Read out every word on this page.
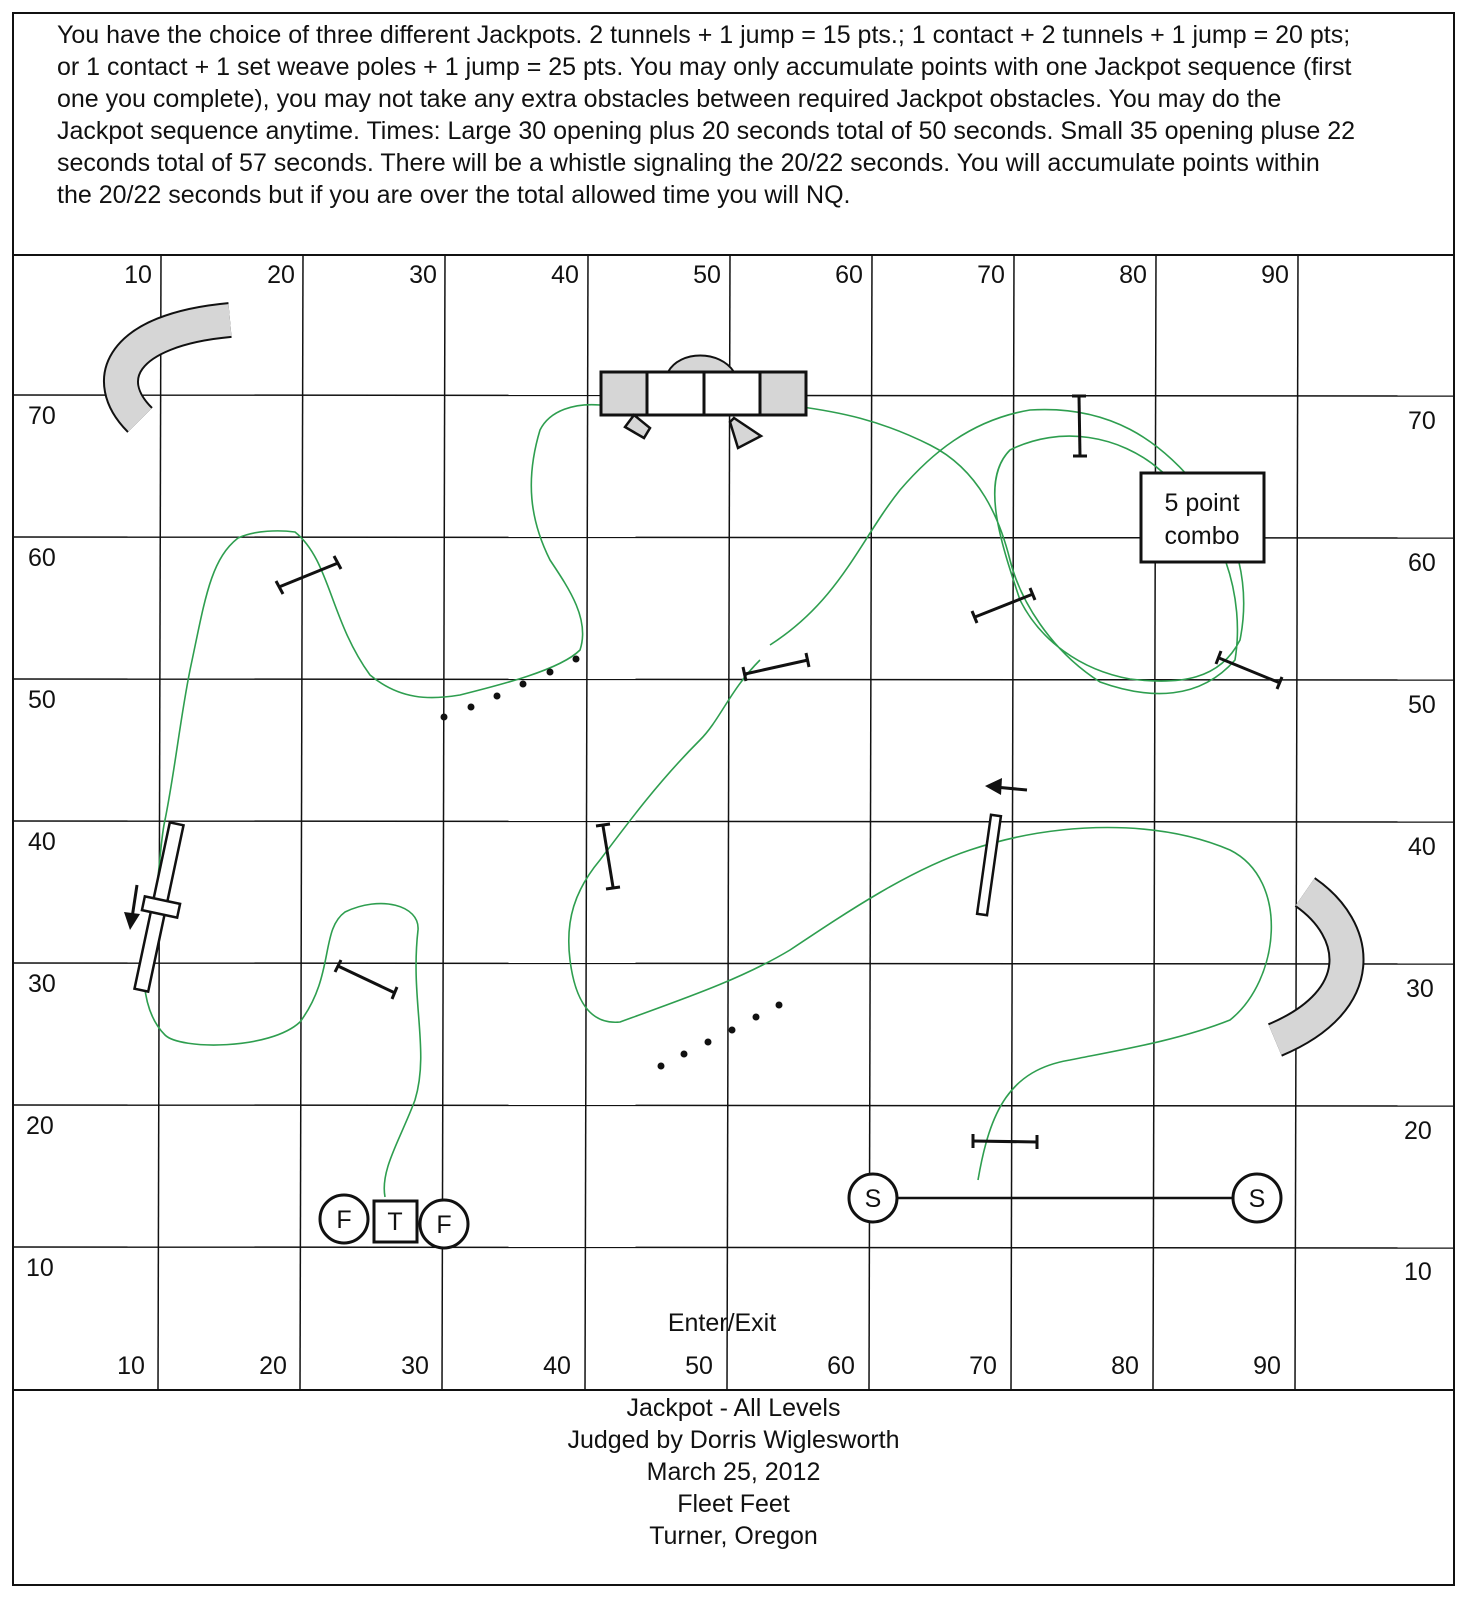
You have the choice of three different Jackpots. 2 tunnels + 1 jump = 15 pts.; 1 contact + 2 tunnels + 1 jump = 20 pts; or 1 contact + 1 set weave poles + 1 jump = 25 pts. You may only accumulate points with one Jackpot sequence (first one you complete), you may not take any extra obstacles between required Jackpot obstacles. You may do the Jackpot sequence anytime. Times: Large 30 opening plus 20 seconds total of 50 seconds. Small 35 opening pluse 22 seconds total of 57 seconds. There will be a whistle signaling the 20/22 seconds. You will accumulate points within the 20/22 seconds but if you are over the total allowed time you will NQ.

10	20	30	40	50	60	70	80	90
10	20	30	40	50	60	70	80	90
70
60
50
40
30
20
10
70
60
50
40
30
20
10
5 point
combo
S	S
F T F
Enter/Exit
Jackpot - All Levels
Judged by Dorris Wiglesworth
March 25, 2012
Fleet Feet
Turner, Oregon
